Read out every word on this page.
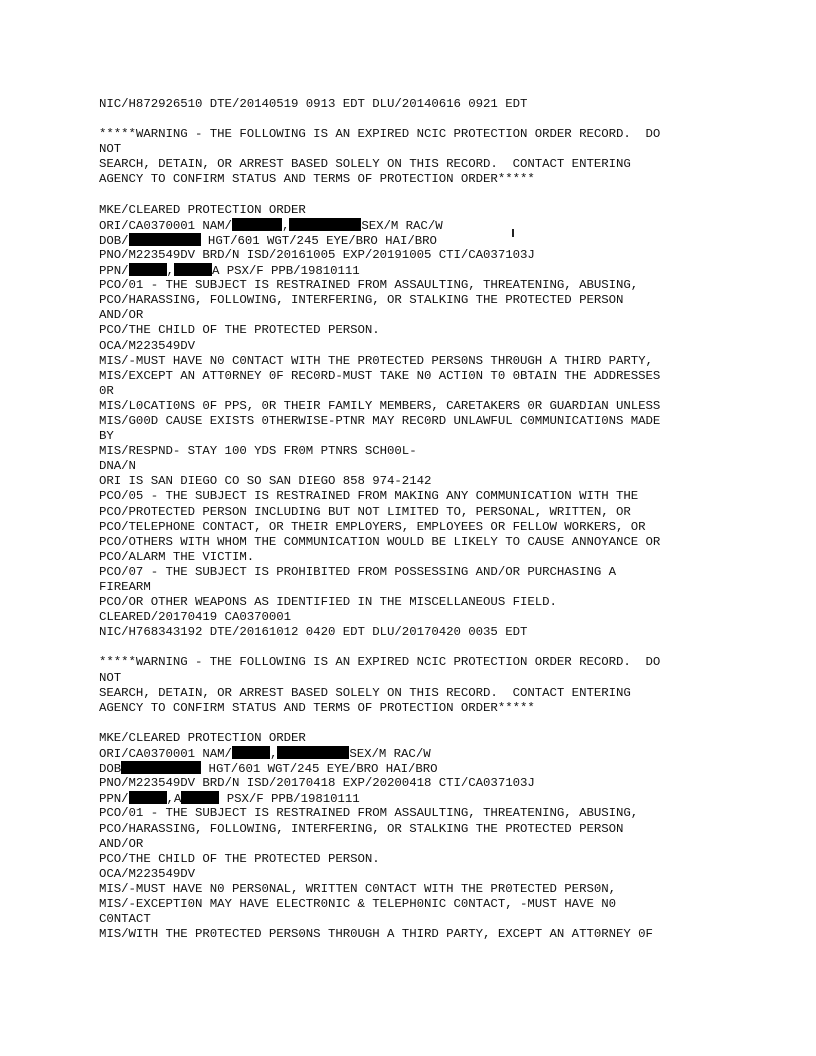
NIC/H872926510 DTE/20140519 0913 EDT DLU/20140616 0921 EDT
*****WARNING - THE FOLLOWING IS AN EXPIRED NCIC PROTECTION ORDER RECORD.  DO
NOT
SEARCH, DETAIN, OR ARREST BASED SOLELY ON THIS RECORD.  CONTACT ENTERING
AGENCY TO CONFIRM STATUS AND TERMS OF PROTECTION ORDER*****
MKE/CLEARED PROTECTION ORDER
ORI/CA0370001 NAM/	,	SEX/M RAC/W
DOB/	HGT/601 WGT/245 EYE/BRO HAI/BRO
PNO/M223549DV BRD/N ISD/20161005 EXP/20191005 CTI/CA037103J
PPN/	,	A PSX/F PPB/19810111
PCO/01 - THE SUBJECT IS RESTRAINED FROM ASSAULTING, THREATENING, ABUSING,
PCO/HARASSING, FOLLOWING, INTERFERING, OR STALKING THE PROTECTED PERSON
AND/OR
PCO/THE CHILD OF THE PROTECTED PERSON.
OCA/M223549DV
MIS/-MUST HAVE N0 C0NTACT WITH THE PR0TECTED PERS0NS THR0UGH A THIRD PARTY,
MIS/EXCEPT AN ATT0RNEY 0F REC0RD-MUST TAKE N0 ACTI0N T0 0BTAIN THE ADDRESSES
0R
MIS/L0CATI0NS 0F PPS, 0R THEIR FAMILY MEMBERS, CARETAKERS 0R GUARDIAN UNLESS
MIS/G00D CAUSE EXISTS 0THERWISE-PTNR MAY REC0RD UNLAWFUL C0MMUNICATI0NS MADE
BY
MIS/RESPND- STAY 100 YDS FR0M PTNRS SCH00L-
DNA/N
ORI IS SAN DIEGO CO SO SAN DIEGO 858 974-2142
PCO/05 - THE SUBJECT IS RESTRAINED FROM MAKING ANY COMMUNICATION WITH THE
PCO/PROTECTED PERSON INCLUDING BUT NOT LIMITED TO, PERSONAL, WRITTEN, OR
PCO/TELEPHONE CONTACT, OR THEIR EMPLOYERS, EMPLOYEES OR FELLOW WORKERS, OR
PCO/OTHERS WITH WHOM THE COMMUNICATION WOULD BE LIKELY TO CAUSE ANNOYANCE OR
PCO/ALARM THE VICTIM.
PCO/07 - THE SUBJECT IS PROHIBITED FROM POSSESSING AND/OR PURCHASING A
FIREARM
PCO/OR OTHER WEAPONS AS IDENTIFIED IN THE MISCELLANEOUS FIELD.
CLEARED/20170419 CA0370001
NIC/H768343192 DTE/20161012 0420 EDT DLU/20170420 0035 EDT
*****WARNING - THE FOLLOWING IS AN EXPIRED NCIC PROTECTION ORDER RECORD.  DO
NOT
SEARCH, DETAIN, OR ARREST BASED SOLELY ON THIS RECORD.  CONTACT ENTERING
AGENCY TO CONFIRM STATUS AND TERMS OF PROTECTION ORDER*****
MKE/CLEARED PROTECTION ORDER
ORI/CA0370001 NAM/	,	SEX/M RAC/W
DOB	HGT/601 WGT/245 EYE/BRO HAI/BRO
PNO/M223549DV BRD/N ISD/20170418 EXP/20200418 CTI/CA037103J
PPN/	,A	PSX/F PPB/19810111
PCO/01 - THE SUBJECT IS RESTRAINED FROM ASSAULTING, THREATENING, ABUSING,
PCO/HARASSING, FOLLOWING, INTERFERING, OR STALKING THE PROTECTED PERSON
AND/OR
PCO/THE CHILD OF THE PROTECTED PERSON.
OCA/M223549DV
MIS/-MUST HAVE N0 PERS0NAL, WRITTEN C0NTACT WITH THE PR0TECTED PERS0N,
MIS/-EXCEPTI0N MAY HAVE ELECTR0NIC & TELEPH0NIC C0NTACT, -MUST HAVE N0
C0NTACT
MIS/WITH THE PR0TECTED PERS0NS THR0UGH A THIRD PARTY, EXCEPT AN ATT0RNEY 0F
